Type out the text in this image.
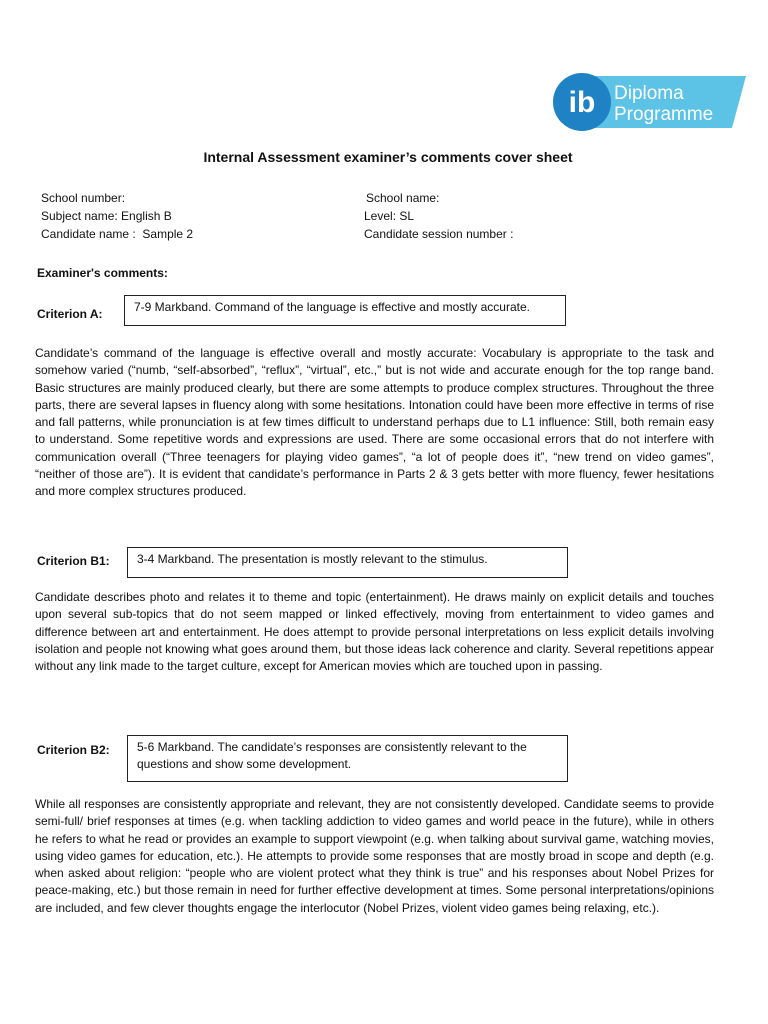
ib Diploma
Programme
Internal Assessment examiner’s comments cover sheet
School number:	School name:
Subject name: English B	Level: SL
Candidate name :  Sample 2	Candidate session number :
Examiner's comments:
Criterion A:	7-9 Markband. Command of the language is effective and mostly accurate.
Candidate’s command of the language is effective overall and mostly accurate: Vocabulary is appropriate to the task and somehow varied (“numb, “self-absorbed”, “reflux”, “virtual”, etc.,” but is not wide and accurate enough for the top range band. Basic structures are mainly produced clearly, but there are some attempts to produce complex structures. Throughout the three parts, there are several lapses in fluency along with some hesitations. Intonation could have been more effective in terms of rise and fall patterns, while pronunciation is at few times difficult to understand perhaps due to L1 influence: Still, both remain easy to understand. Some repetitive words and expressions are used. There are some occasional errors that do not interfere with communication overall (“Three teenagers for playing video games”, “a lot of people does it”, “new trend on video games”, “neither of those are”). It is evident that candidate’s performance in Parts 2 & 3 gets better with more fluency, fewer hesitations and more complex structures produced.
Criterion B1:	3-4 Markband. The presentation is mostly relevant to the stimulus.
Candidate describes photo and relates it to theme and topic (entertainment). He draws mainly on explicit details and touches upon several sub-topics that do not seem mapped or linked effectively, moving from entertainment to video games and difference between art and entertainment. He does attempt to provide personal interpretations on less explicit details involving isolation and people not knowing what goes around them, but those ideas lack coherence and clarity. Several repetitions appear without any link made to the target culture, except for American movies which are touched upon in passing.
Criterion B2:	5-6 Markband. The candidate’s responses are consistently relevant to the questions and show some development.
While all responses are consistently appropriate and relevant, they are not consistently developed. Candidate seems to provide semi-full/ brief responses at times (e.g. when tackling addiction to video games and world peace in the future), while in others he refers to what he read or provides an example to support viewpoint (e.g. when talking about survival game, watching movies, using video games for education, etc.). He attempts to provide some responses that are mostly broad in scope and depth (e.g. when asked about religion: “people who are violent protect what they think is true” and his responses about Nobel Prizes for peace-making, etc.) but those remain in need for further effective development at times. Some personal interpretations/opinions are included, and few clever thoughts engage the interlocutor (Nobel Prizes, violent video games being relaxing, etc.).
